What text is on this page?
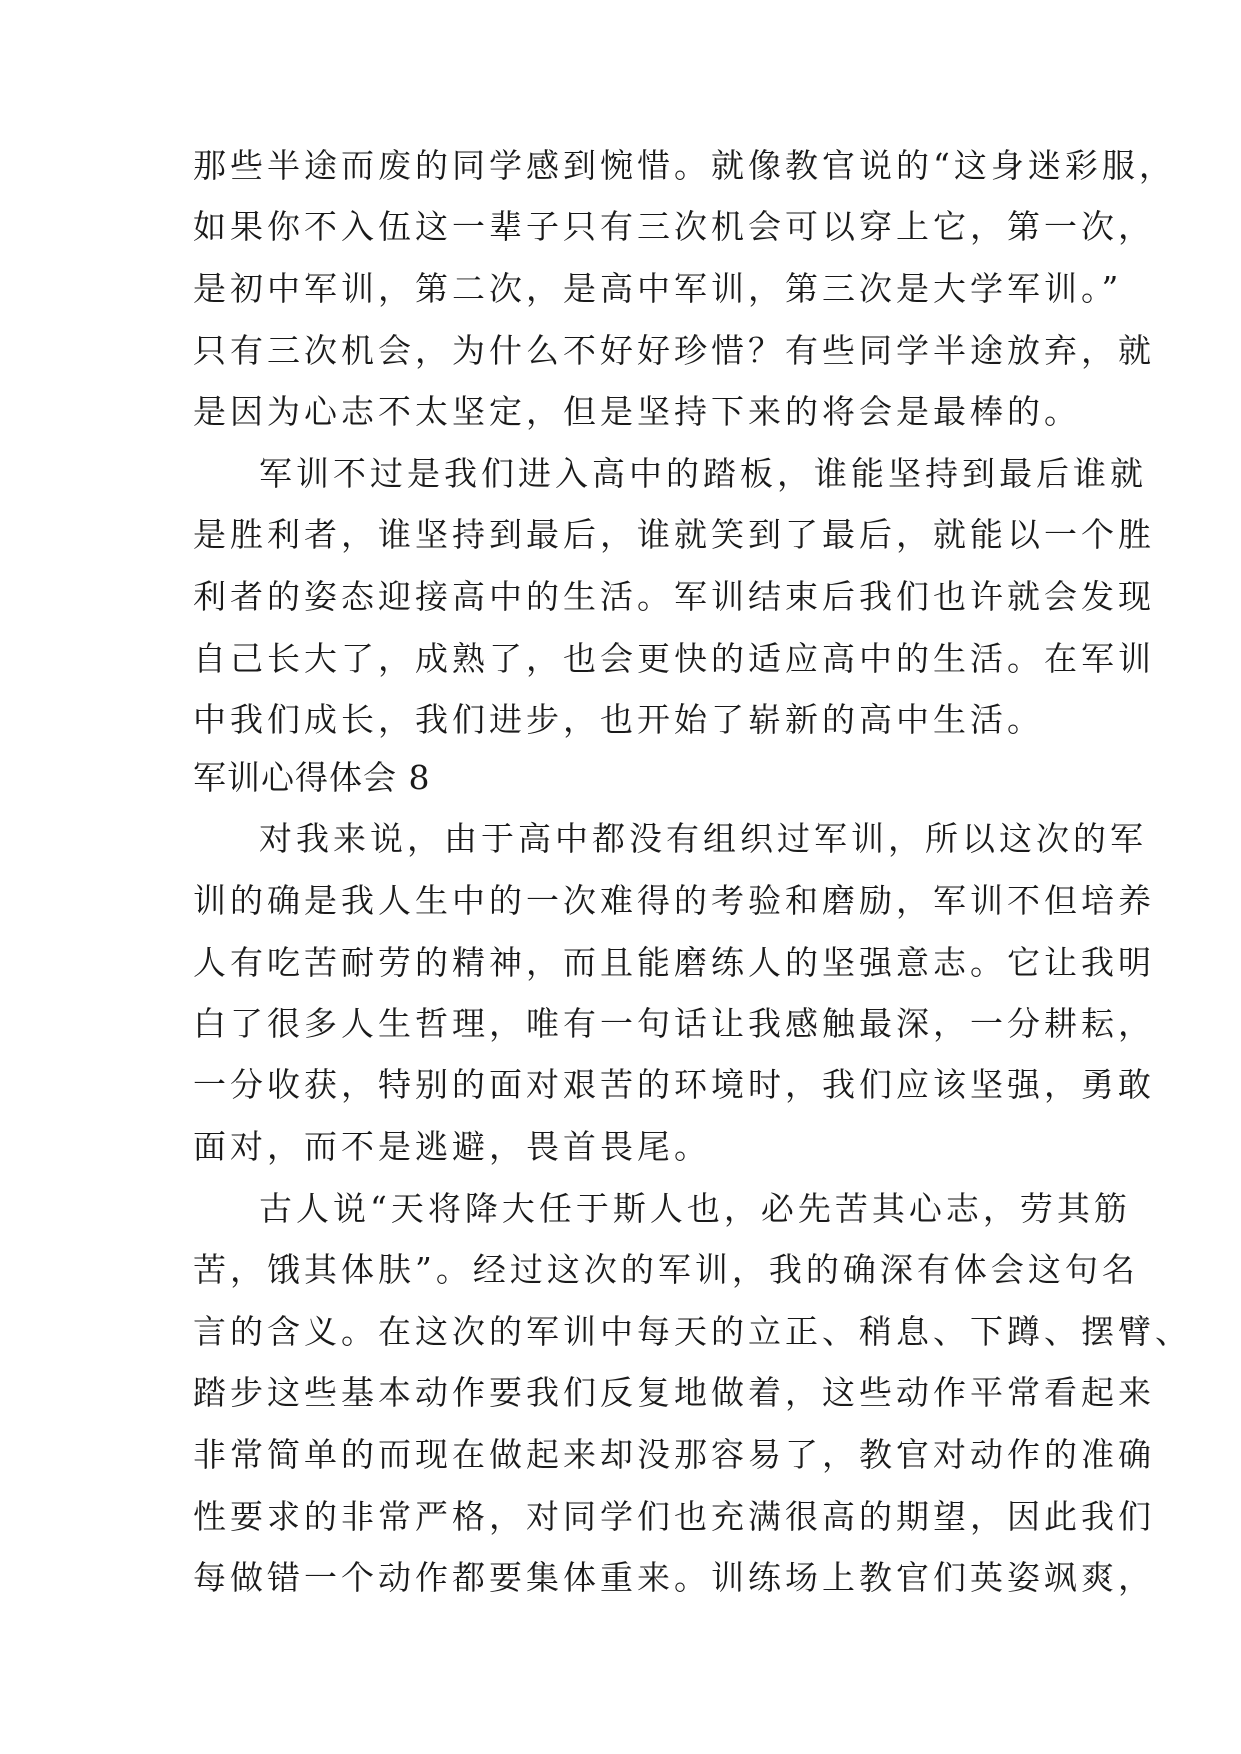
那些半途而废的同学感到惋惜。就像教官说的“这身迷彩服，
如果你不入伍这一辈子只有三次机会可以穿上它，第一次，
是初中军训，第二次，是高中军训，第三次是大学军训。”
只有三次机会，为什么不好好珍惜？有些同学半途放弃，就
是因为心志不太坚定，但是坚持下来的将会是最棒的。
军训不过是我们进入高中的踏板，谁能坚持到最后谁就
是胜利者，谁坚持到最后，谁就笑到了最后，就能以一个胜
利者的姿态迎接高中的生活。军训结束后我们也许就会发现
自己长大了，成熟了，也会更快的适应高中的生活。在军训
中我们成长，我们进步，也开始了崭新的高中生活。
军训心得体会 8
对我来说，由于高中都没有组织过军训，所以这次的军
训的确是我人生中的一次难得的考验和磨励，军训不但培养
人有吃苦耐劳的精神，而且能磨练人的坚强意志。它让我明
白了很多人生哲理，唯有一句话让我感触最深，一分耕耘，
一分收获，特别的面对艰苦的环境时，我们应该坚强，勇敢
面对，而不是逃避，畏首畏尾。
古人说“天将降大任于斯人也，必先苦其心志，劳其筋
苦，饿其体肤”。经过这次的军训，我的确深有体会这句名
言的含义。在这次的军训中每天的立正、稍息、下蹲、摆臂、
踏步这些基本动作要我们反复地做着，这些动作平常看起来
非常简单的而现在做起来却没那容易了，教官对动作的准确
性要求的非常严格，对同学们也充满很高的期望，因此我们
每做错一个动作都要集体重来。训练场上教官们英姿飒爽，
